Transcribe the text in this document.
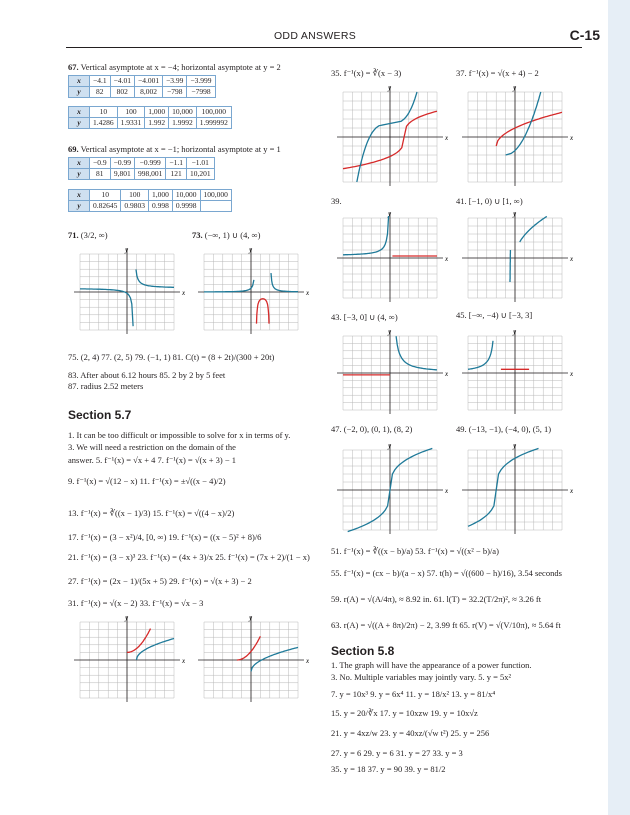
ODD ANSWERS	C-15
67. Vertical asymptote at x = −4; horizontal asymptote at y = 2
x	−4.1	−4.01	−4.001	−3.99	−3.999
y	82	802	8,002	−798	−7998
x	10	100	1,000	10,000	100,000
y	1.4286	1.9331	1.992	1.9992	1.999992
69. Vertical asymptote at x = −1; horizontal asymptote at y = 1
x	−0.9	−0.99	−0.999	−1.1	−1.01
y	81	9,801	998,001	121	10,201
x	10	100	1,000	10,000	100,000
y	0.82645	0.9803	0.998	0.9998	
71. (3/2, ∞)	73. (−∞, 1) ∪ (4, ∞)
x
y
x
y
75. (2, 4) 77. (2, 5) 79. (−1, 1) 81. C(t) = (8 + 2t)/(300 + 20t)
83. After about 6.12 hours 85. 2 by 2 by 5 feet
87. radius 2.52 meters
Section 5.7
1. It can be too difficult or impossible to solve for x in terms of y.
3. We will need a restriction on the domain of the
answer. 5. f⁻¹(x) = √x + 4 7. f⁻¹(x) = √(x + 3) − 1
9. f⁻¹(x) = √(12 − x) 11. f⁻¹(x) = ±√((x − 4)/2)
13. f⁻¹(x) = ∛((x − 1)/3) 15. f⁻¹(x) = √((4 − x)/2)
17. f⁻¹(x) = (3 − x²)/4, [0, ∞) 19. f⁻¹(x) = ((x − 5)² + 8)/6
21. f⁻¹(x) = (3 − x)³ 23. f⁻¹(x) = (4x + 3)/x 25. f⁻¹(x) = (7x + 2)/(1 − x)
27. f⁻¹(x) = (2x − 1)/(5x + 5) 29. f⁻¹(x) = √(x + 3) − 2
31. f⁻¹(x) = √(x − 2) 33. f⁻¹(x) = √x − 3
x
y
x
y
35. f⁻¹(x) = ∛(x − 3)	37. f⁻¹(x) = √(x + 4) − 2
x
y
x
y
39.	41. [−1, 0) ∪ [1, ∞)
x
y
x
y
43. [−3, 0] ∪ (4, ∞)	45. [−∞, −4) ∪ [−3, 3]
x
y
x
y
47. (−2, 0), (0, 1), (8, 2)	49. (−13, −1), (−4, 0), (5, 1)
x
y
x
y
51. f⁻¹(x) = ∛((x − b)/a) 53. f⁻¹(x) = √((x² − b)/a)
55. f⁻¹(x) = (cx − b)/(a − x) 57. t(h) = √((600 − h)/16), 3.54 seconds
59. r(A) = √(A/4π), ≈ 8.92 in. 61. l(T) = 32.2(T/2π)², ≈ 3.26 ft
63. r(A) = √((A + 8π)/2π) − 2, 3.99 ft 65. r(V) = √(V/10π), ≈ 5.64 ft
Section 5.8
1. The graph will have the appearance of a power function.
3. No. Multiple variables may jointly vary. 5. y = 5x²
7. y = 10x³ 9. y = 6x⁴ 11. y = 18/x² 13. y = 81/x⁴
15. y = 20/∛x 17. y = 10xzw 19. y = 10x√z
21. y = 4xz/w 23. y = 40xz/(√w t²) 25. y = 256
27. y = 6 29. y = 6 31. y = 27 33. y = 3
35. y = 18 37. y = 90 39. y = 81/2
